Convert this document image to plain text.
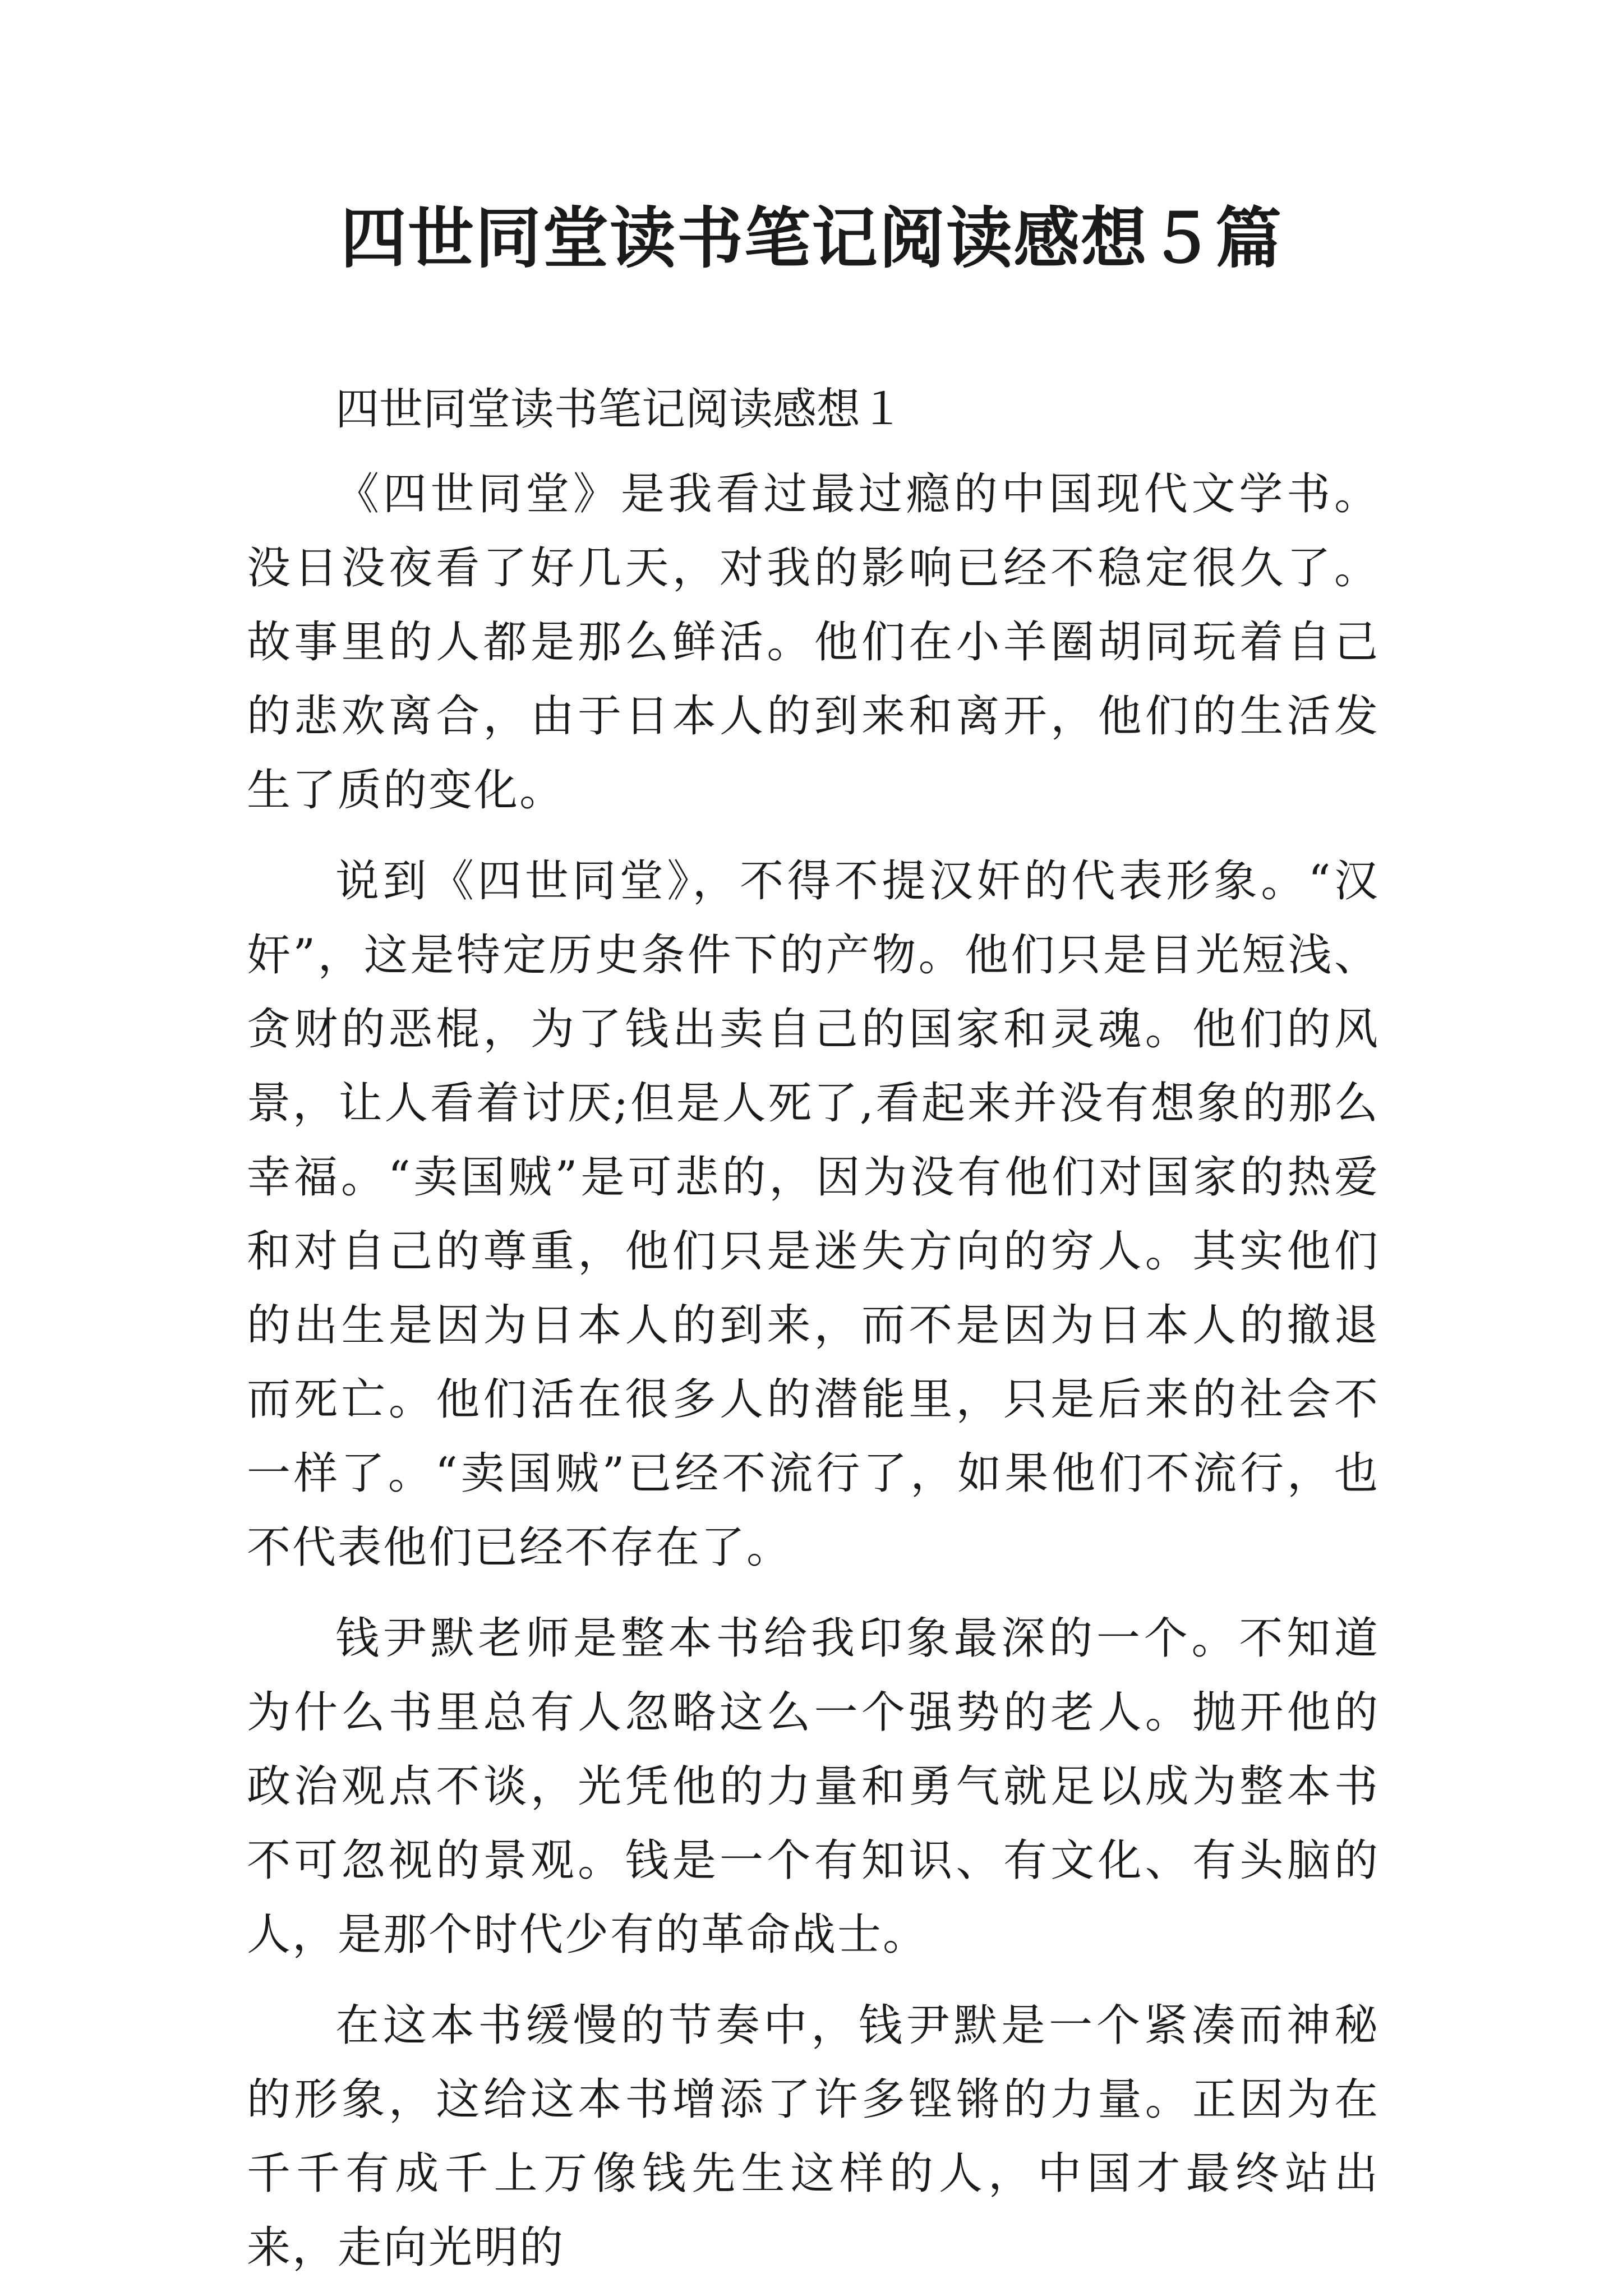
四世同堂读书笔记阅读感想５篇
四世同堂读书笔记阅读感想１

《四世同堂》是我看过最过瘾的中国现代文学书。没日没夜看了好几天，对我的影响已经不稳定很久了。故事里的人都是那么鲜活。他们在小羊圈胡同玩着自己的悲欢离合，由于日本人的到来和离开，他们的生活发生了质的变化。

说到《四世同堂》，不得不提汉奸的代表形象。“汉奸”，这是特定历史条件下的产物。他们只是目光短浅、贪财的恶棍，为了钱出卖自己的国家和灵魂。他们的风景，让人看着讨厌;但是人死了,看起来并没有想象的那么幸福。“卖国贼”是可悲的，因为没有他们对国家的热爱和对自己的尊重，他们只是迷失方向的穷人。其实他们的出生是因为日本人的到来，而不是因为日本人的撤退而死亡。他们活在很多人的潜能里，只是后来的社会不一样了。“卖国贼”已经不流行了，如果他们不流行，也不代表他们已经不存在了。

钱尹默老师是整本书给我印象最深的一个。不知道为什么书里总有人忽略这么一个强势的老人。抛开他的政治观点不谈，光凭他的力量和勇气就足以成为整本书不可忽视的景观。钱是一个有知识、有文化、有头脑的人，是那个时代少有的革命战士。

在这本书缓慢的节奏中，钱尹默是一个紧凑而神秘的形象，这给这本书增添了许多铿锵的力量。正因为在千千有成千上万像钱先生这样的人，中国才最终站出来，走向光明的
